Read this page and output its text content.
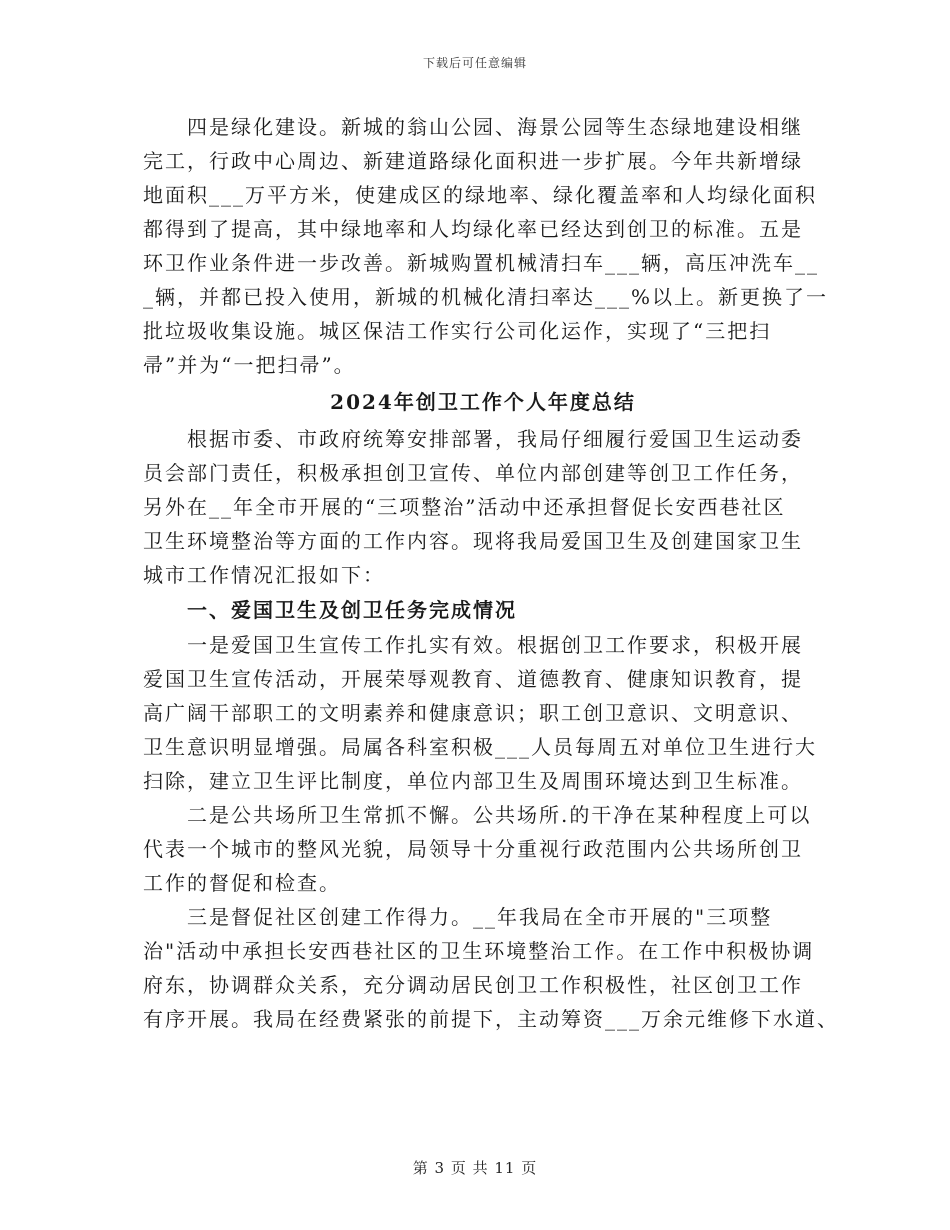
下载后可任意编辑
四是绿化建设。新城的翁山公园、海景公园等生态绿地建设相继
完工，行政中心周边、新建道路绿化面积进一步扩展。今年共新增绿
地面积___万平方米，使建成区的绿地率、绿化覆盖率和人均绿化面积
都得到了提高，其中绿地率和人均绿化率已经达到创卫的标准。五是
环卫作业条件进一步改善。新城购置机械清扫车___辆，高压冲洗车__
_辆，并都已投入使用，新城的机械化清扫率达___%以上。新更换了一
批垃圾收集设施。城区保洁工作实行公司化运作，实现了“三把扫
帚”并为“一把扫帚”。
2024年创卫工作个人年度总结
根据市委、市政府统筹安排部署，我局仔细履行爱国卫生运动委
员会部门责任，积极承担创卫宣传、单位内部创建等创卫工作任务，
另外在__年全市开展的“三项整治”活动中还承担督促长安西巷社区
卫生环境整治等方面的工作内容。现将我局爱国卫生及创建国家卫生
城市工作情况汇报如下：
一、爱国卫生及创卫任务完成情况
一是爱国卫生宣传工作扎实有效。根据创卫工作要求，积极开展
爱国卫生宣传活动，开展荣辱观教育、道德教育、健康知识教育，提
高广阔干部职工的文明素养和健康意识；职工创卫意识、文明意识、
卫生意识明显增强。局属各科室积极___人员每周五对单位卫生进行大
扫除，建立卫生评比制度，单位内部卫生及周围环境达到卫生标准。
二是公共场所卫生常抓不懈。公共场所.的干净在某种程度上可以
代表一个城市的整风光貌，局领导十分重视行政范围内公共场所创卫
工作的督促和检查。
三是督促社区创建工作得力。__年我局在全市开展的"三项整
治"活动中承担长安西巷社区的卫生环境整治工作。在工作中积极协调
府东，协调群众关系，充分调动居民创卫工作积极性，社区创卫工作
有序开展。我局在经费紧张的前提下，主动筹资___万余元维修下水道、
第 3 页 共 11 页
